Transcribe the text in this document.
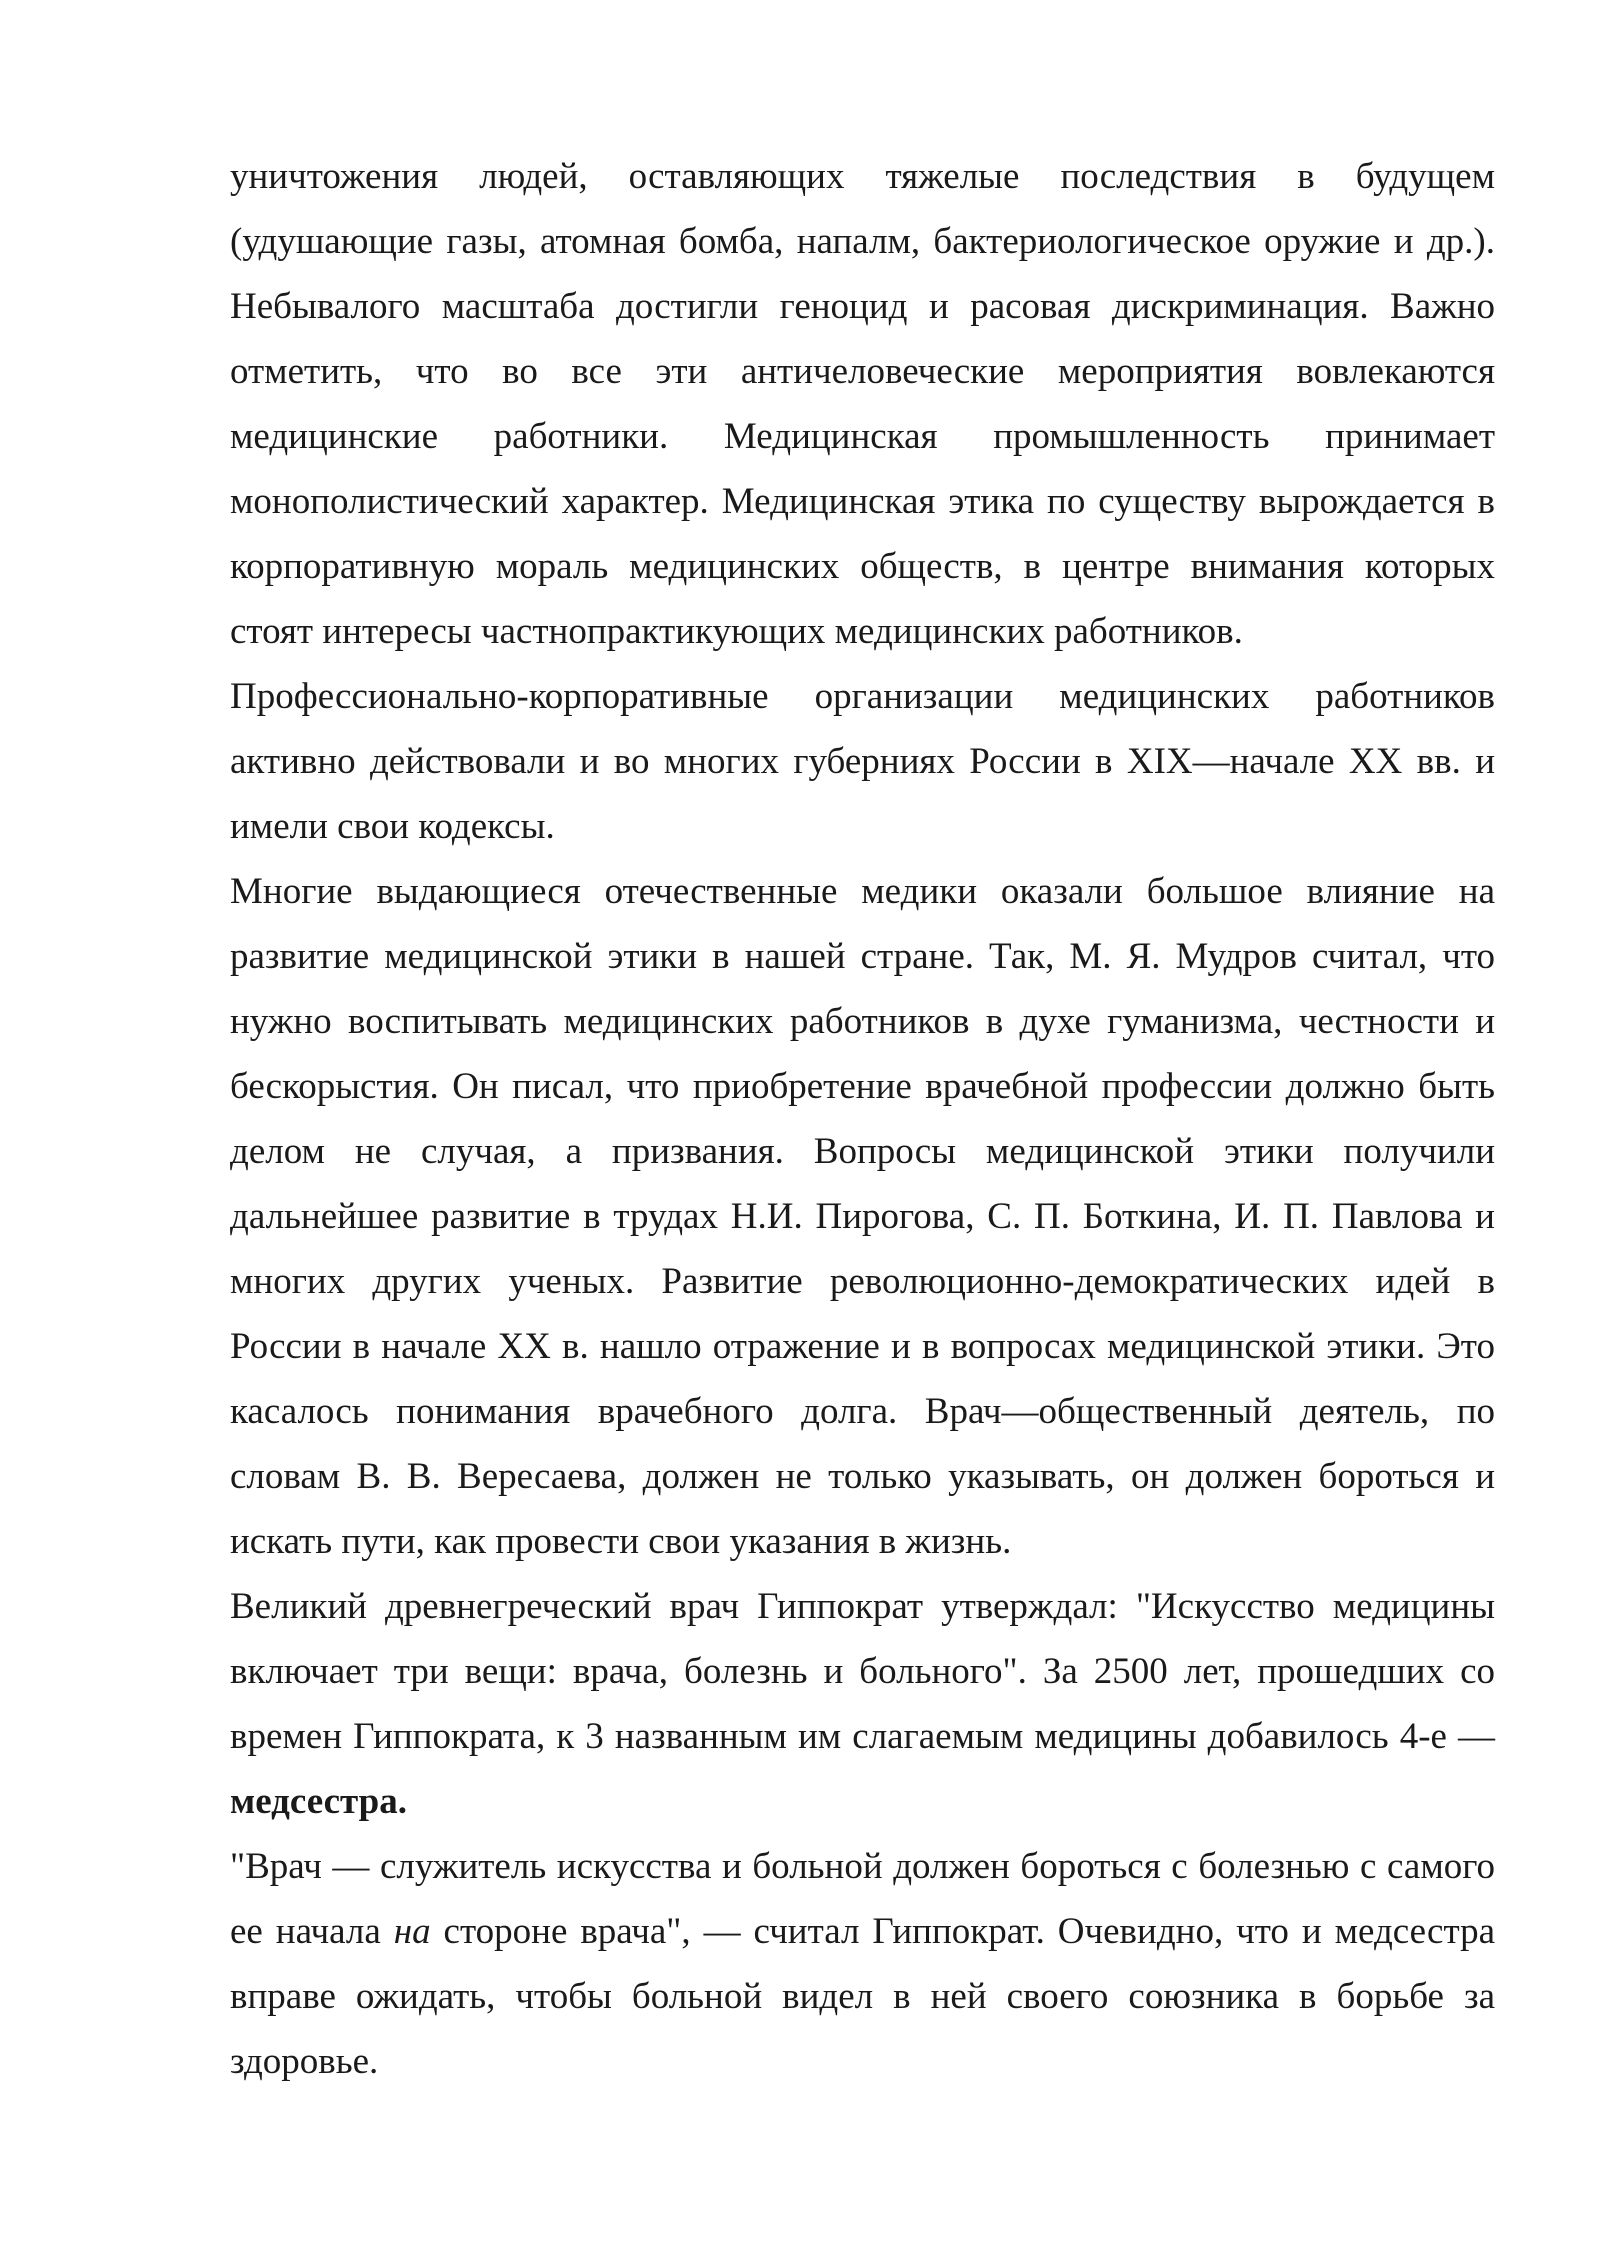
уничтожения людей, оставляющих тяжелые последствия в будущем (удушающие газы, атомная бомба, напалм, бактериологическое оружие и др.). Небывалого масштаба достигли геноцид и расовая дискриминация. Важно отметить, что во все эти античеловеческие мероприятия вовлекаются медицинские работники. Медицинская промышленность принимает монополистический характер. Медицинская этика по существу вырождается в корпоративную мораль медицинских обществ, в центре внимания которых стоят интересы частнопрактикующих медицинских работников.

Профессионально-корпоративные организации медицинских работников активно действовали и во многих губерниях России в XIX—начале XX вв. и имели свои кодексы.

Многие выдающиеся отечественные медики оказали большое влияние на развитие медицинской этики в нашей стране. Так, М. Я. Мудров считал, что нужно воспитывать медицинских работников в духе гуманизма, честности и бескорыстия. Он писал, что приобретение врачебной профессии должно быть делом не случая, а призвания. Вопросы медицинской этики получили дальнейшее развитие в трудах Н.И. Пирогова, С. П. Боткина, И. П. Павлова и многих других ученых. Развитие революционно-демократических идей в России в начале XX в. нашло отражение и в вопросах медицинской этики. Это касалось понимания врачебного долга. Врач—общественный деятель, по словам В. В. Вересаева, должен не только указывать, он должен бороться и искать пути, как провести свои указания в жизнь.

Великий древнегреческий врач Гиппократ утверждал: "Искусство медицины включает три вещи: врача, болезнь и больного". За 2500 лет, прошедших со времен Гиппократа, к 3 названным им слагаемым медицины добавилось 4-е — медсестра.

"Врач — служитель искусства и больной должен бороться с болезнью с самого ее начала на стороне врача", — считал Гиппократ. Очевидно, что и медсестра вправе ожидать, чтобы больной видел в ней своего союзника в борьбе за здоровье.
